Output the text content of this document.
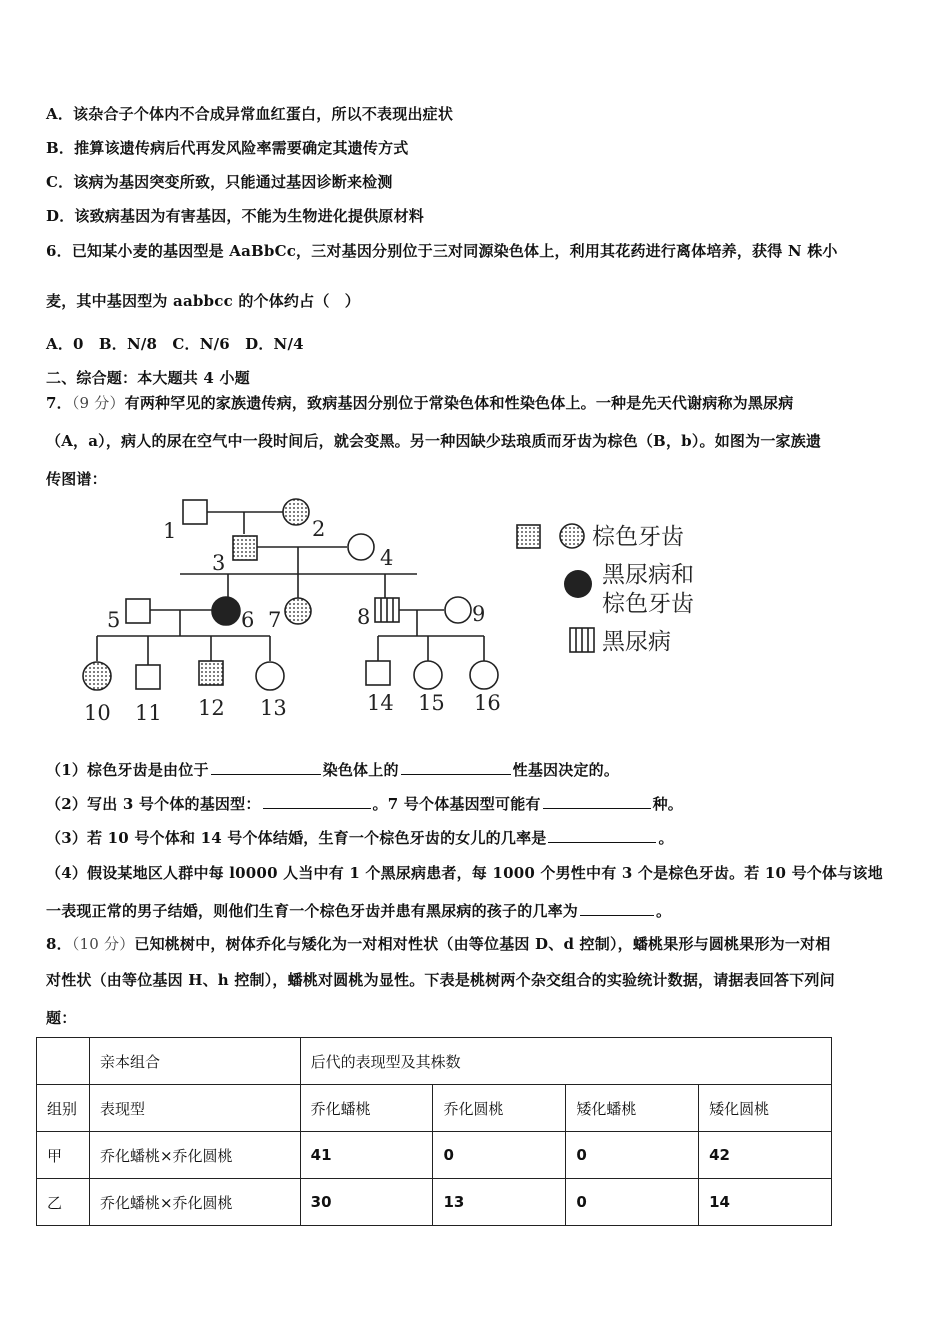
A．该杂合子个体内不合成异常血红蛋白，所以不表现出症状
B．推算该遗传病后代再发风险率需要确定其遗传方式
C．该病为基因突变所致，只能通过基因诊断来检测
D．该致病基因为有害基因，不能为生物进化提供原材料
6．已知某小麦的基因型是 AaBbCc，三对基因分别位于三对同源染色体上，利用其花药进行离体培养，获得 N 株小
麦，其中基因型为 aabbcc 的个体约占（　）
A．0　B．N/8　C．N/6　D．N/4
二、综合题：本大题共 4 小题
7．（9 分）有两种罕见的家族遗传病，致病基因分别位于常染色体和性染色体上。一种是先天代谢病称为黑尿病
（A，a），病人的尿在空气中一段时间后，就会变黑。另一种因缺少珐琅质而牙齿为棕色（B，b）。如图为一家族遗
传图谱：
1	2
3	4
5	6 7	8	9
10 11 12 13	14 15 16
棕色牙齿
黑尿病和
棕色牙齿
黑尿病
（1）棕色牙齿是由位于	染色体上的	性基因决定的。
（2）写出 3 号个体的基因型：	。7 号个体基因型可能有	种。
（3）若 10 号个体和 14 号个体结婚，生育一个棕色牙齿的女儿的几率是	。
（4）假设某地区人群中每 l0000 人当中有 1 个黑尿病患者，每 1000 个男性中有 3 个是棕色牙齿。若 10 号个体与该地
一表现正常的男子结婚，则他们生育一个棕色牙齿并患有黑尿病的孩子的几率为	。
8．（10 分）已知桃树中，树体乔化与矮化为一对相对性状（由等位基因 D、d 控制），蟠桃果形与圆桃果形为一对相
对性状（由等位基因 H、h 控制），蟠桃对圆桃为显性。下表是桃树两个杂交组合的实验统计数据，请据表回答下列问
题：
	亲本组合	后代的表现型及其株数			
组别	表现型	乔化蟠桃	乔化圆桃	矮化蟠桃	矮化圆桃
甲	乔化蟠桃×乔化圆桃	41	0	0	42
乙	乔化蟠桃×乔化圆桃	30	13	0	14
